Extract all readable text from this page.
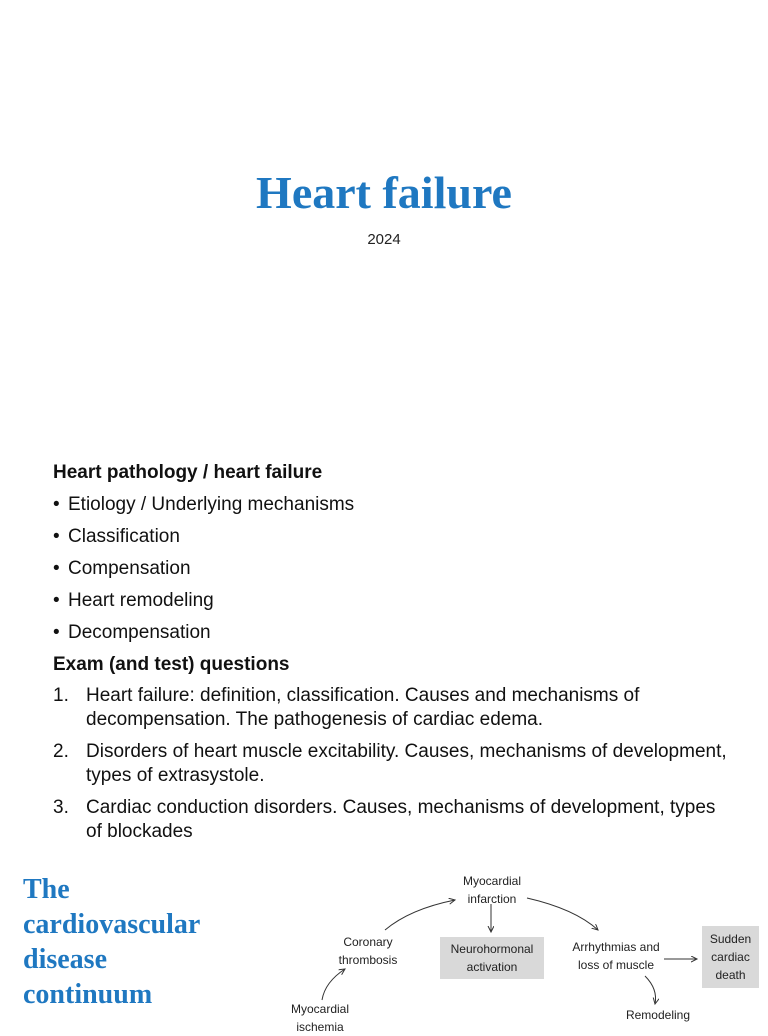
Heart failure
2024
Heart pathology / heart failure
• Etiology / Underlying mechanisms
• Classification
• Compensation
• Heart remodeling
• Decompensation
Exam (and test) questions
1. Heart failure: definition, classification. Causes and mechanisms of decompensation. The pathogenesis of cardiac edema.
2. Disorders of heart muscle excitability. Causes, mechanisms of development, types of extrasystole.
3. Cardiac conduction disorders. Causes, mechanisms of development, types of blockades
The
cardiovascular
disease
continuum
Myocardial
infarction
Coronary
thrombosis
Neurohormonal
activation
Arrhythmias and
loss of muscle
Sudden
cardiac
death
Myocardial
ischemia
Remodeling
